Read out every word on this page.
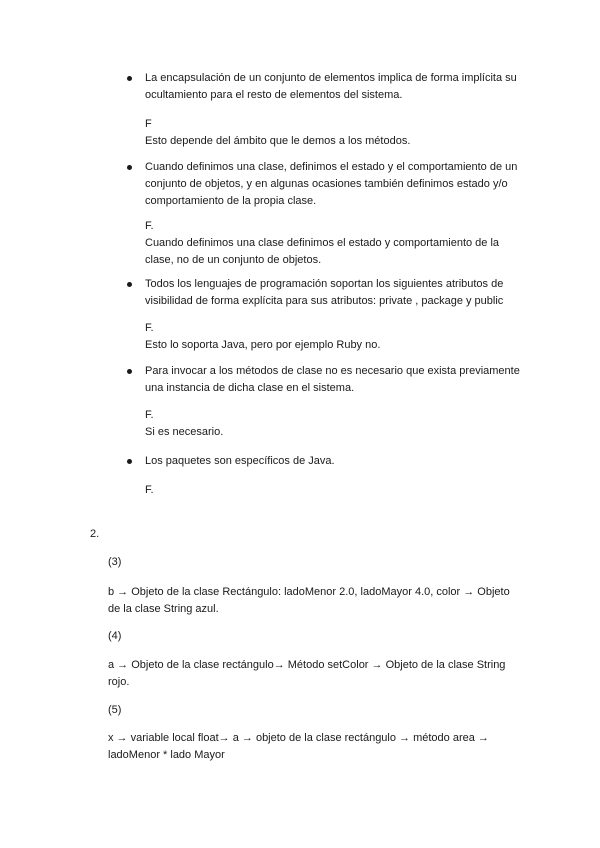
La encapsulación de un conjunto de elementos implica de forma implícita su ocultamiento para el resto de elementos del sistema.

F

Esto depende del ámbito que le demos a los métodos.

Cuando definimos una clase, definimos el estado y el comportamiento de un conjunto de objetos, y en algunas ocasiones también definimos estado y/o comportamiento de la propia clase.

F.

Cuando definimos una clase definimos el estado y comportamiento de la clase, no de un conjunto de objetos.

Todos los lenguajes de programación soportan los siguientes atributos de visibilidad de forma explícita para sus atributos: private , package y public

F.

Esto lo soporta Java, pero por ejemplo Ruby no.

Para invocar a los métodos de clase no es necesario que exista previamente una instancia de dicha clase en el sistema.

F.

Si es necesario.

Los paquetes son específicos de Java.

F.

2.
(3)
b → Objeto de la clase Rectángulo: ladoMenor 2.0, ladoMayor 4.0, color → Objeto de la clase String azul.
(4)
a → Objeto de la clase rectángulo→ Método setColor → Objeto de la clase String rojo.
(5)
x → variable local float→ a → objeto de la clase rectángulo → método area → ladoMenor * lado Mayor
